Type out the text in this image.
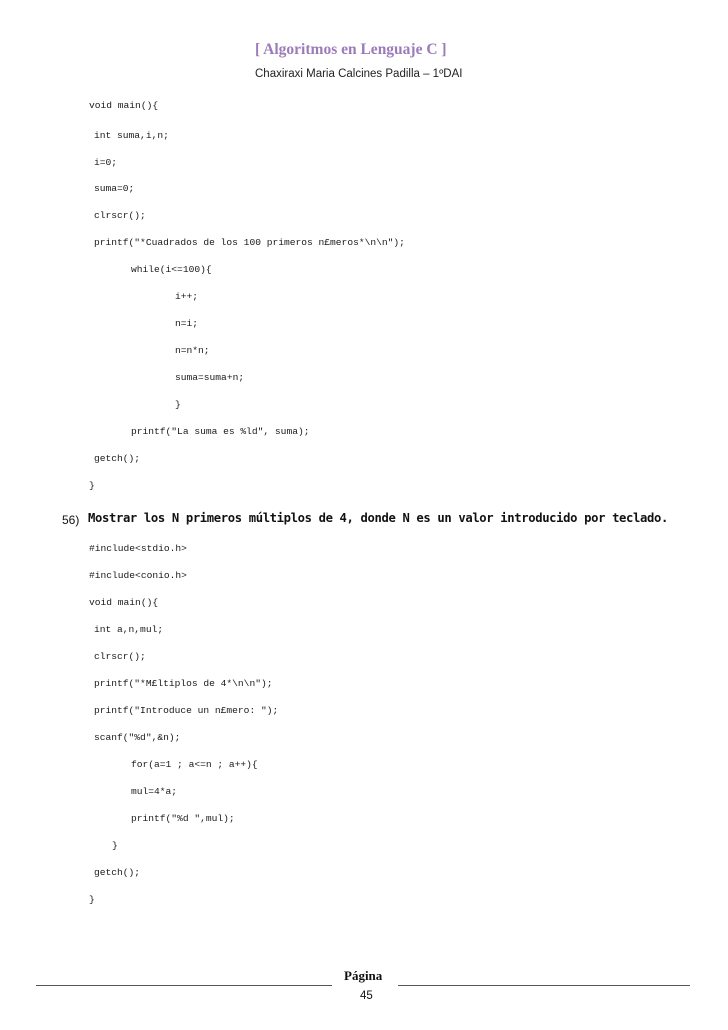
[ Algoritmos en Lenguaje C ]
Chaxiraxi Maria Calcines Padilla – 1ºDAI
void main(){
int suma,i,n;
i=0;
suma=0;
clrscr();
printf("*Cuadrados de los 100 primeros n£meros*\n\n");
while(i<=100){
i++;
n=i;
n=n*n;
suma=suma+n;
}
printf("La suma es %ld", suma);
getch();
}
56) Mostrar los N primeros múltiplos de 4, donde N es un valor introducido por teclado.
#include<stdio.h>
#include<conio.h>
void main(){
int a,n,mul;
clrscr();
printf("*M£ltiplos de 4*\n\n");
printf("Introduce un n£mero: ");
scanf("%d",&n);
for(a=1 ; a<=n ; a++){
mul=4*a;
printf("%d ",mul);
}
getch();
}
Página
45
